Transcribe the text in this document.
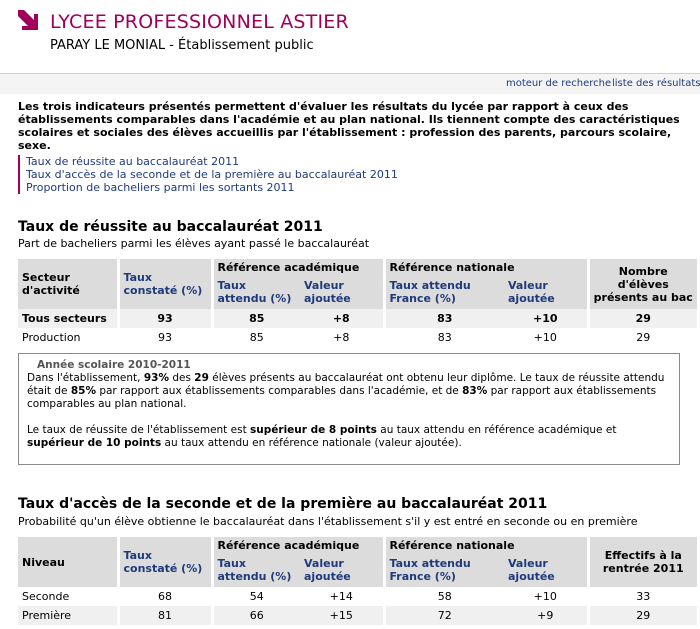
LYCEE PROFESSIONNEL ASTIER
PARAY LE MONIAL - Établissement public
moteur de recherche liste des résultats
Les trois indicateurs présentés permettent d'évaluer les résultats du lycée par rapport à ceux des établissements comparables dans l'académie et au plan national. Ils tiennent compte des caractéristiques scolaires et sociales des élèves accueillis par l'établissement : profession des parents, parcours scolaire, sexe.
Taux de réussite au baccalauréat 2011
Taux d'accès de la seconde et de la première au baccalauréat 2011
Proportion de bacheliers parmi les sortants 2011
Taux de réussite au baccalauréat 2011
Part de bacheliers parmi les élèves ayant passé le baccalauréat
Secteur d'activité	Taux constaté (%)	Référence académique		Référence nationale		Nombre d'élèves présents au bac
		Taux attendu (%)	Valeur ajoutée	Taux attendu France (%)	Valeur ajoutée	
Tous secteurs	93	85	+8	83	+10	29
Production	93	85	+8	83	+10	29
Année scolaire 2010-2011

Dans l'établissement, 93% des 29 élèves présents au baccalauréat ont obtenu leur diplôme. Le taux de réussite attendu était de 85% par rapport aux établissements comparables dans l'académie, et de 83% par rapport aux établissements comparables au plan national.

Le taux de réussite de l'établissement est supérieur de 8 points au taux attendu en référence académique et supérieur de 10 points au taux attendu en référence nationale (valeur ajoutée).

Taux d'accès de la seconde et de la première au baccalauréat 2011
Probabilité qu'un élève obtienne le baccalauréat dans l'établissement s'il y est entré en seconde ou en première
Niveau	Taux constaté (%)	Référence académique		Référence nationale		Effectifs à la rentrée 2011
		Taux attendu (%)	Valeur ajoutée	Taux attendu France (%)	Valeur ajoutée	
Seconde	68	54	+14	58	+10	33
Première	81	66	+15	72	+9	29
